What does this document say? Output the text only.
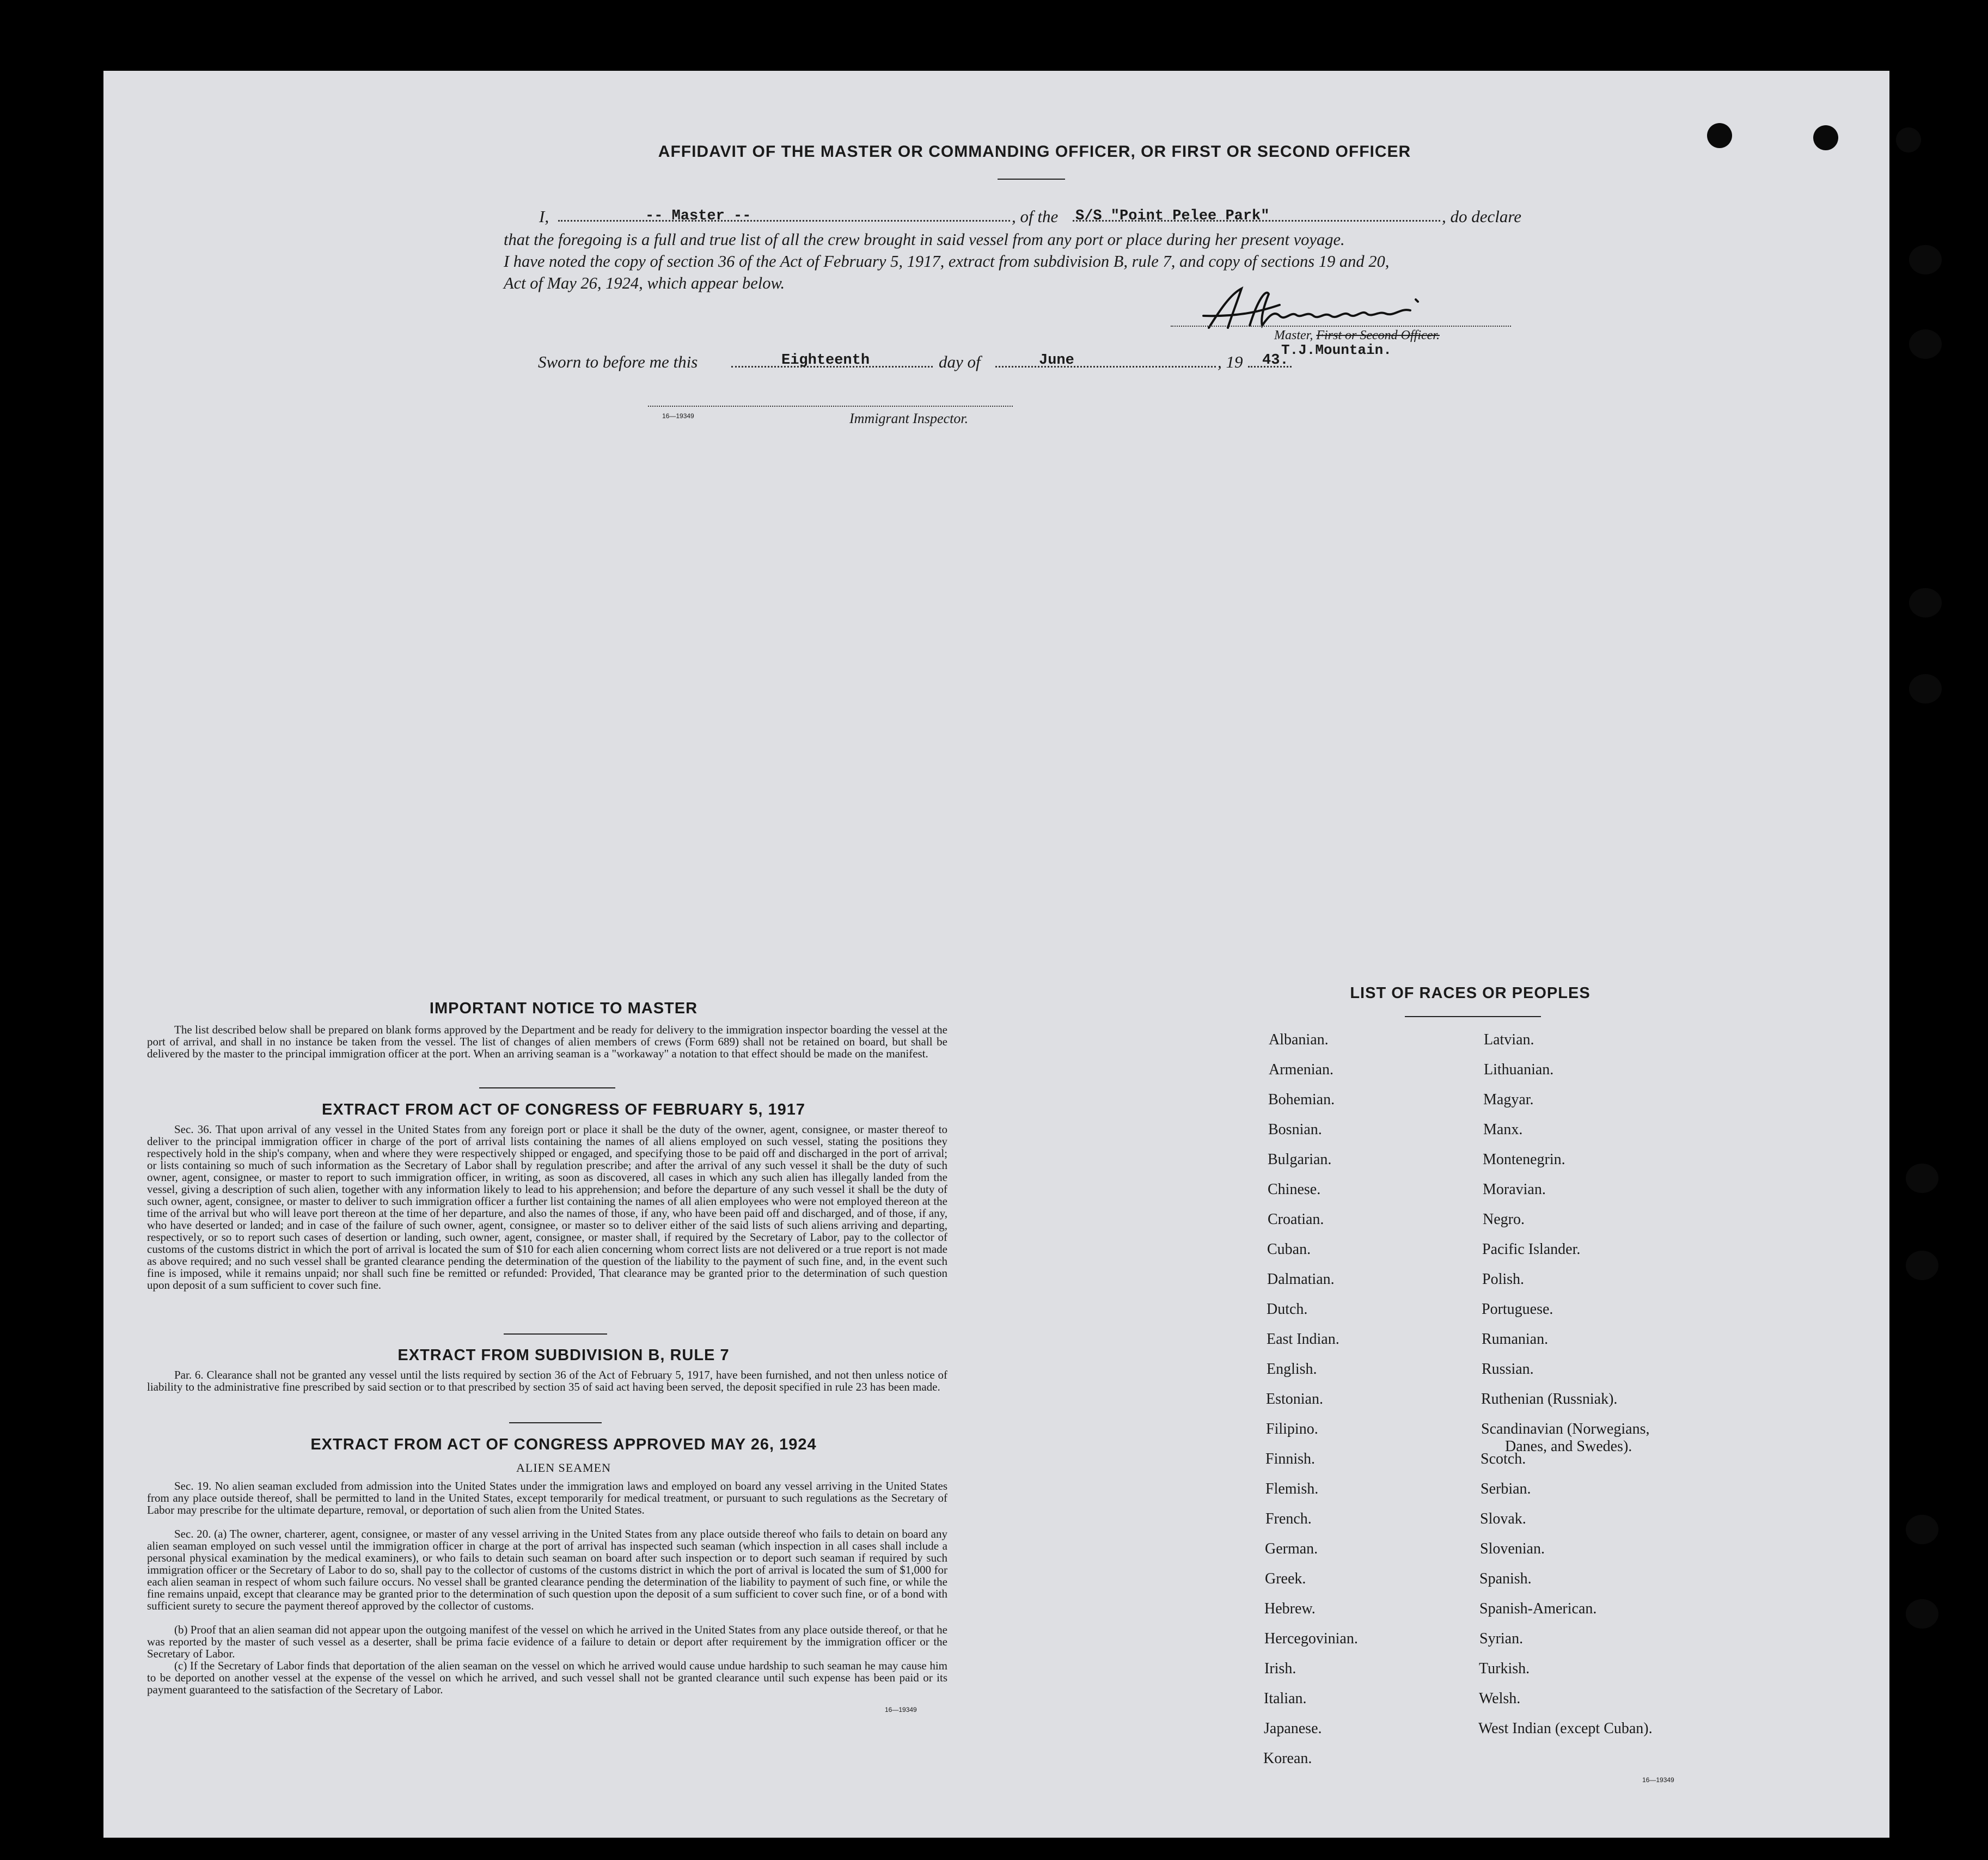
AFFIDAVIT OF THE MASTER OR COMMANDING OFFICER, OR FIRST OR SECOND OFFICER
I,	-- Master --	, of the S/S "Point Pelee Park"	, do declare
that the foregoing is a full and true list of all the crew brought in said vessel from any port or place during her present voyage.
I have noted the copy of section 36 of the Act of February 5, 1917, extract from subdivision B, rule 7, and copy of sections 19 and 20,
Act of May 26, 1924, which appear below.
Master, First or Second Officer.
T.J.Mountain.
Sworn to before me this	Eighteenth	day of	June	, 19 43.
16—19349	Immigrant Inspector.
IMPORTANT NOTICE TO MASTER
The list described below shall be prepared on blank forms approved by the Department and be ready for delivery to the immigration inspector boarding the vessel at the port of arrival, and shall in no instance be taken from the vessel. The list of changes of alien members of crews (Form 689) shall not be retained on board, but shall be delivered by the master to the principal immigration officer at the port. When an arriving seaman is a "workaway" a notation to that effect should be made on the manifest.
EXTRACT FROM ACT OF CONGRESS OF FEBRUARY 5, 1917
Sec. 36. That upon arrival of any vessel in the United States from any foreign port or place it shall be the duty of the owner, agent, consignee, or master thereof to deliver to the principal immigration officer in charge of the port of arrival lists containing the names of all aliens employed on such vessel, stating the positions they respectively hold in the ship's company, when and where they were respectively shipped or engaged, and specifying those to be paid off and discharged in the port of arrival; or lists containing so much of such information as the Secretary of Labor shall by regulation prescribe; and after the arrival of any such vessel it shall be the duty of such owner, agent, consignee, or master to report to such immigration officer, in writing, as soon as discovered, all cases in which any such alien has illegally landed from the vessel, giving a description of such alien, together with any information likely to lead to his apprehension; and before the departure of any such vessel it shall be the duty of such owner, agent, consignee, or master to deliver to such immigration officer a further list containing the names of all alien employees who were not employed thereon at the time of the arrival but who will leave port thereon at the time of her departure, and also the names of those, if any, who have been paid off and discharged, and of those, if any, who have deserted or landed; and in case of the failure of such owner, agent, consignee, or master so to deliver either of the said lists of such aliens arriving and departing, respectively, or so to report such cases of desertion or landing, such owner, agent, consignee, or master shall, if required by the Secretary of Labor, pay to the collector of customs of the customs district in which the port of arrival is located the sum of $10 for each alien concerning whom correct lists are not delivered or a true report is not made as above required; and no such vessel shall be granted clearance pending the determination of the question of the liability to the payment of such fine, and, in the event such fine is imposed, while it remains unpaid; nor shall such fine be remitted or refunded: Provided, That clearance may be granted prior to the determination of such question upon deposit of a sum sufficient to cover such fine.
EXTRACT FROM SUBDIVISION B, RULE 7
Par. 6. Clearance shall not be granted any vessel until the lists required by section 36 of the Act of February 5, 1917, have been furnished, and not then unless notice of liability to the administrative fine prescribed by said section or to that prescribed by section 35 of said act having been served, the deposit specified in rule 23 has been made.
EXTRACT FROM ACT OF CONGRESS APPROVED MAY 26, 1924
ALIEN SEAMEN
Sec. 19. No alien seaman excluded from admission into the United States under the immigration laws and employed on board any vessel arriving in the United States from any place outside thereof, shall be permitted to land in the United States, except temporarily for medical treatment, or pursuant to such regulations as the Secretary of Labor may prescribe for the ultimate departure, removal, or deportation of such alien from the United States.
Sec. 20. (a) The owner, charterer, agent, consignee, or master of any vessel arriving in the United States from any place outside thereof who fails to detain on board any alien seaman employed on such vessel until the immigration officer in charge at the port of arrival has inspected such seaman (which inspection in all cases shall include a personal physical examination by the medical examiners), or who fails to detain such seaman on board after such inspection or to deport such seaman if required by such immigration officer or the Secretary of Labor to do so, shall pay to the collector of customs of the customs district in which the port of arrival is located the sum of $1,000 for each alien seaman in respect of whom such failure occurs. No vessel shall be granted clearance pending the determination of the liability to payment of such fine, or while the fine remains unpaid, except that clearance may be granted prior to the determination of such question upon the deposit of a sum sufficient to cover such fine, or of a bond with sufficient surety to secure the payment thereof approved by the collector of customs.
(b) Proof that an alien seaman did not appear upon the outgoing manifest of the vessel on which he arrived in the United States from any place outside thereof, or that he was reported by the master of such vessel as a deserter, shall be prima facie evidence of a failure to detain or deport after requirement by the immigration officer or the Secretary of Labor.
(c) If the Secretary of Labor finds that deportation of the alien seaman on the vessel on which he arrived would cause undue hardship to such seaman he may cause him to be deported on another vessel at the expense of the vessel on which he arrived, and such vessel shall not be granted clearance until such expense has been paid or its payment guaranteed to the satisfaction of the Secretary of Labor.
16—19349
LIST OF RACES OR PEOPLES
Albanian.
Armenian.
Bohemian.
Bosnian.
Bulgarian.
Chinese.
Croatian.
Cuban.
Dalmatian.
Dutch.
East Indian.
English.
Estonian.
Filipino.
Finnish.
Flemish.
French.
German.
Greek.
Hebrew.
Hercegovinian.
Irish.
Italian.
Japanese.
Korean.
Latvian.
Lithuanian.
Magyar.
Manx.
Montenegrin.
Moravian.
Negro.
Pacific Islander.
Polish.
Portuguese.
Rumanian.
Russian.
Ruthenian (Russniak).
Scandinavian (Norwegians,
Danes, and Swedes).
Scotch.
Serbian.
Slovak.
Slovenian.
Spanish.
Spanish-American.
Syrian.
Turkish.
Welsh.
West Indian (except Cuban).
16—19349
